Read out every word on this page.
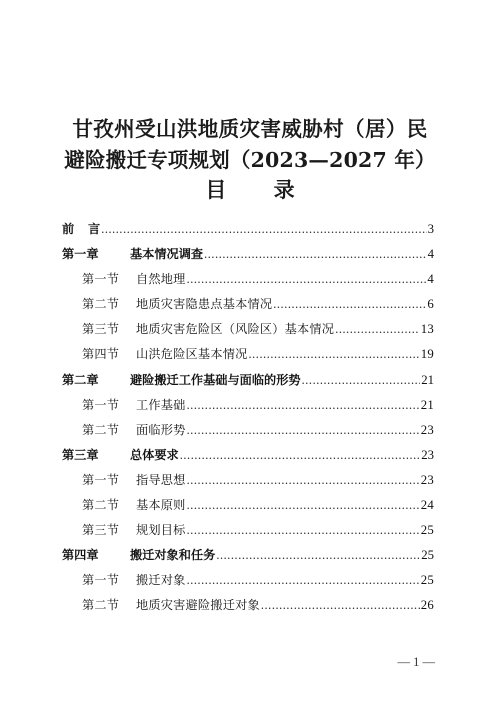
甘孜州受山洪地质灾害威胁村（居）民
避险搬迁专项规划（2023—2027 年）
目 录
前	言 .....	3
第一章	基本情况调查 .....	4
第一节	自然地理 .....	4
第二节	地质灾害隐患点基本情况 .....	6
第三节	地质灾害危险区（风险区）基本情况 .....	13
第四节	山洪危险区基本情况 .....	19
第二章	避险搬迁工作基础与面临的形势 .....	21
第一节	工作基础 .....	21
第二节	面临形势 .....	23
第三章	总体要求 .....	23
第一节	指导思想 .....	23
第二节	基本原则 .....	24
第三节	规划目标 .....	25
第四章	搬迁对象和任务 .....	25
第一节	搬迁对象 .....	25
第二节	地质灾害避险搬迁对象 .....	26
— 1 —
